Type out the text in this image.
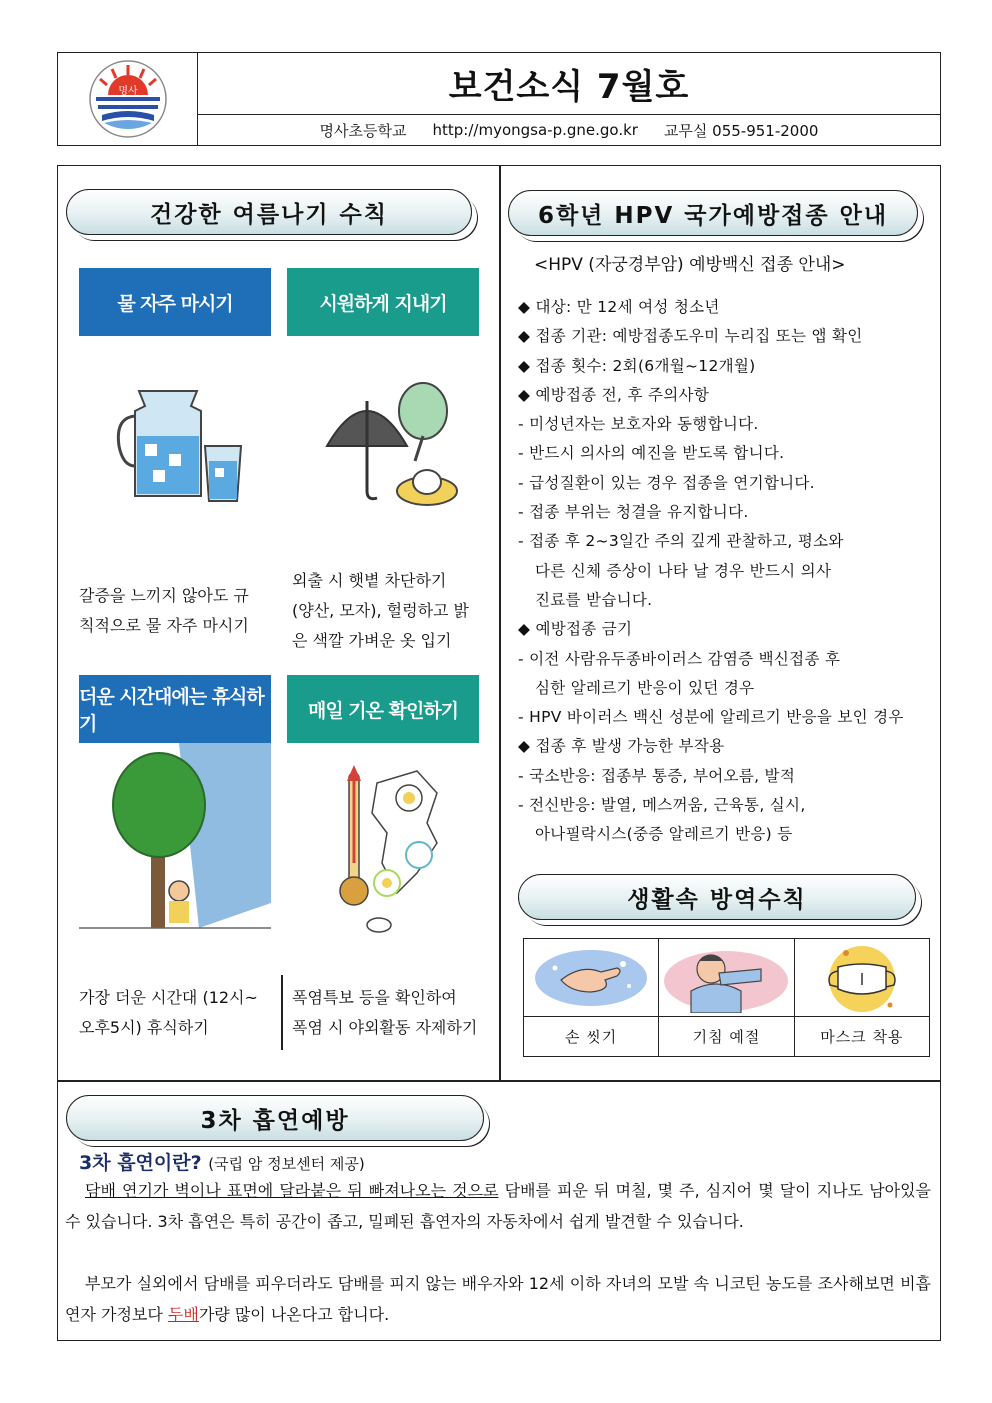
명사	보건소식 7월호
명사초등학교 http://myongsa-p.gne.go.kr 교무실 055-951-2000
건강한 여름나기 수칙
물 자주 마시기
갈증을 느끼지 않아도 규
칙적으로 물 자주 마시기
시원하게 지내기
외출 시 햇볕 차단하기
(양산, 모자), 헐렁하고 밝
은 색깔 가벼운 옷 입기
더운 시간대에는 휴식하기
가장 더운 시간대 (12시~
오후5시) 휴식하기
매일 기온 확인하기
폭염특보 등을 확인하여
폭염 시 야외활동 자제하기
6학년 HPV 국가예방접종 안내
<HPV (자궁경부암) 예방백신 접종 안내>
◆ 대상: 만 12세 여성 청소년
◆ 접종 기관: 예방접종도우미 누리집 또는 앱 확인
◆ 접종 횟수: 2회(6개월~12개월)
◆ 예방접종 전, 후 주의사항
- 미성년자는 보호자와 동행합니다.
- 반드시 의사의 예진을 받도록 합니다.
- 급성질환이 있는 경우 접종을 연기합니다.
- 접종 부위는 청결을 유지합니다.
- 접종 후 2~3일간 주의 깊게 관찰하고, 평소와
다른 신체 증상이 나타 날 경우 반드시 의사
진료를 받습니다.
◆ 예방접종 금기
- 이전 사람유두종바이러스 감염증 백신접종 후
심한 알레르기 반응이 있던 경우
- HPV 바이러스 백신 성분에 알레르기 반응을 보인 경우
◆ 접종 후 발생 가능한 부작용
- 국소반응: 접종부 통증, 부어오름, 발적
- 전신반응: 발열, 메스꺼움, 근육통, 실시,
아나필락시스(중증 알레르기 반응) 등
생활속 방역수칙
손 씻기	기침 예절	마스크 착용
3차 흡연예방
3차 흡연이란? (국립 암 정보센터 제공)
담배 연기가 벽이나 표면에 달라붙은 뒤 빠져나오는 것으로 담배를 피운 뒤 며칠, 몇 주, 심지어 몇 달이 지나도 남아있을 수 있습니다. 3차 흡연은 특히 공간이 좁고, 밀폐된 흡연자의 자동차에서 쉽게 발견할 수 있습니다.
부모가 실외에서 담배를 피우더라도 담배를 피지 않는 배우자와 12세 이하 자녀의 모발 속 니코틴 농도를 조사해보면 비흡연자 가정보다 두배가량 많이 나온다고 합니다.
